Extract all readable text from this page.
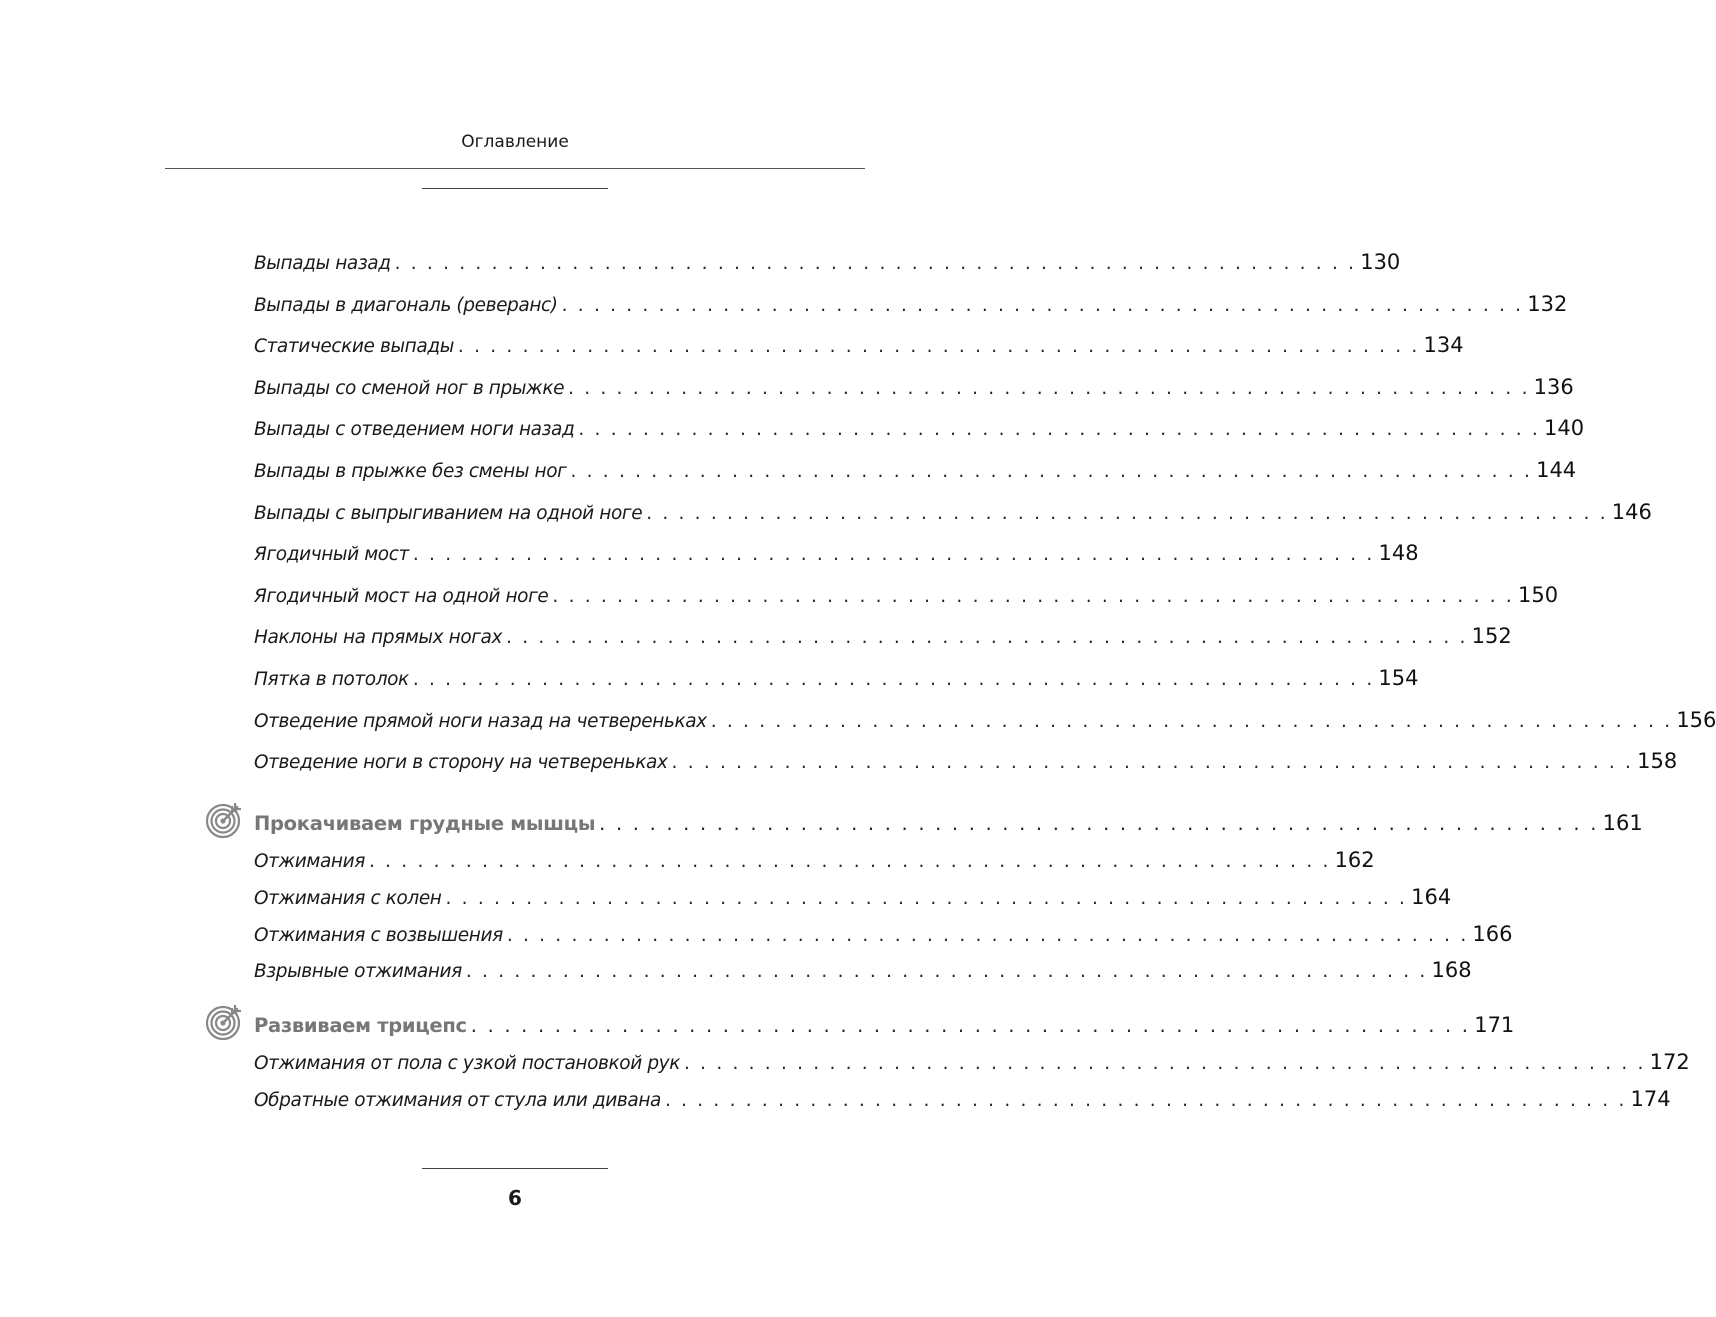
Оглавление
Выпады назад . . . . . . . . . . . . . . . . . . . . . . . . . . . . . . . . . . . . . . . . . . . . . . . . . . . . . . . . . . . . 130
Выпады в диагональ (реверанс) . . . . . . . . . . . . . . . . . . . . . . . . . . . . . . . . . . . . . . . . . . . . . . . . . . . . . . . . . . . . 132
Статические выпады . . . . . . . . . . . . . . . . . . . . . . . . . . . . . . . . . . . . . . . . . . . . . . . . . . . . . . . . . . . . 134
Выпады со сменой ног в прыжке . . . . . . . . . . . . . . . . . . . . . . . . . . . . . . . . . . . . . . . . . . . . . . . . . . . . . . . . . . . . 136
Выпады с отведением ноги назад . . . . . . . . . . . . . . . . . . . . . . . . . . . . . . . . . . . . . . . . . . . . . . . . . . . . . . . . . . . . 140
Выпады в прыжке без смены ног . . . . . . . . . . . . . . . . . . . . . . . . . . . . . . . . . . . . . . . . . . . . . . . . . . . . . . . . . . . . 144
Выпады с выпрыгиванием на одной ноге . . . . . . . . . . . . . . . . . . . . . . . . . . . . . . . . . . . . . . . . . . . . . . . . . . . . . . . . . . . . 146
Ягодичный мост . . . . . . . . . . . . . . . . . . . . . . . . . . . . . . . . . . . . . . . . . . . . . . . . . . . . . . . . . . . . 148
Ягодичный мост на одной ноге . . . . . . . . . . . . . . . . . . . . . . . . . . . . . . . . . . . . . . . . . . . . . . . . . . . . . . . . . . . . 150
Наклоны на прямых ногах . . . . . . . . . . . . . . . . . . . . . . . . . . . . . . . . . . . . . . . . . . . . . . . . . . . . . . . . . . . . 152
Пятка в потолок . . . . . . . . . . . . . . . . . . . . . . . . . . . . . . . . . . . . . . . . . . . . . . . . . . . . . . . . . . . . 154
Отведение прямой ноги назад на четвереньках . . . . . . . . . . . . . . . . . . . . . . . . . . . . . . . . . . . . . . . . . . . . . . . . . . . . . . . . . . . . 156
Отведение ноги в сторону на четвереньках . . . . . . . . . . . . . . . . . . . . . . . . . . . . . . . . . . . . . . . . . . . . . . . . . . . . . . . . . . . . 158
Прокачиваем грудные мышцы . . . . . . . . . . . . . . . . . . . . . . . . . . . . . . . . . . . . . . . . . . . . . . . . . . . . . . . . . . . . 161
Отжимания . . . . . . . . . . . . . . . . . . . . . . . . . . . . . . . . . . . . . . . . . . . . . . . . . . . . . . . . . . . . 162
Отжимания с колен . . . . . . . . . . . . . . . . . . . . . . . . . . . . . . . . . . . . . . . . . . . . . . . . . . . . . . . . . . . . 164
Отжимания с возвышения . . . . . . . . . . . . . . . . . . . . . . . . . . . . . . . . . . . . . . . . . . . . . . . . . . . . . . . . . . . . 166
Взрывные отжимания . . . . . . . . . . . . . . . . . . . . . . . . . . . . . . . . . . . . . . . . . . . . . . . . . . . . . . . . . . . . 168
Развиваем трицепс . . . . . . . . . . . . . . . . . . . . . . . . . . . . . . . . . . . . . . . . . . . . . . . . . . . . . . . . . . . . 171
Отжимания от пола с узкой постановкой рук . . . . . . . . . . . . . . . . . . . . . . . . . . . . . . . . . . . . . . . . . . . . . . . . . . . . . . . . . . . . 172
Обратные отжимания от стула или дивана . . . . . . . . . . . . . . . . . . . . . . . . . . . . . . . . . . . . . . . . . . . . . . . . . . . . . . . . . . . . 174
6
